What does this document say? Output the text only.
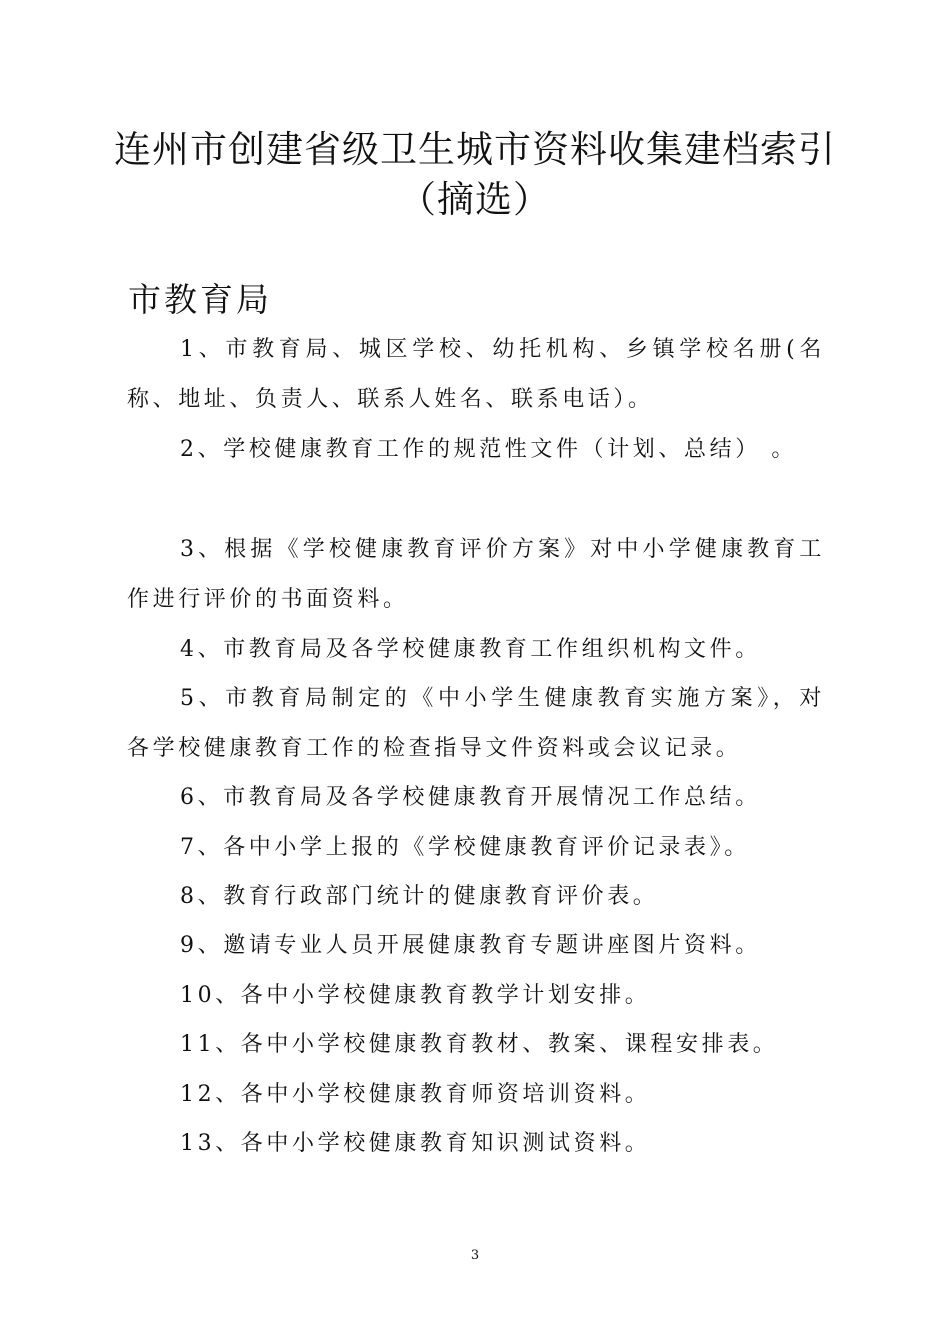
连州市创建省级卫生城市资料收集建档索引
（摘选）
市教育局
1、市教育局、城区学校、幼托机构、乡镇学校名册(名称、地址、负责人、联系人姓名、联系电话）。
2、学校健康教育工作的规范性文件（计划、总结） 。
3、根据《学校健康教育评价方案》对中小学健康教育工作进行评价的书面资料。
4、市教育局及各学校健康教育工作组织机构文件。
5、市教育局制定的《中小学生健康教育实施方案》，对各学校健康教育工作的检查指导文件资料或会议记录。
6、市教育局及各学校健康教育开展情况工作总结。
7、各中小学上报的《学校健康教育评价记录表》。
8、教育行政部门统计的健康教育评价表。
9、邀请专业人员开展健康教育专题讲座图片资料。
10、各中小学校健康教育教学计划安排。
11、各中小学校健康教育教材、教案、课程安排表。
12、各中小学校健康教育师资培训资料。
13、各中小学校健康教育知识测试资料。
3
